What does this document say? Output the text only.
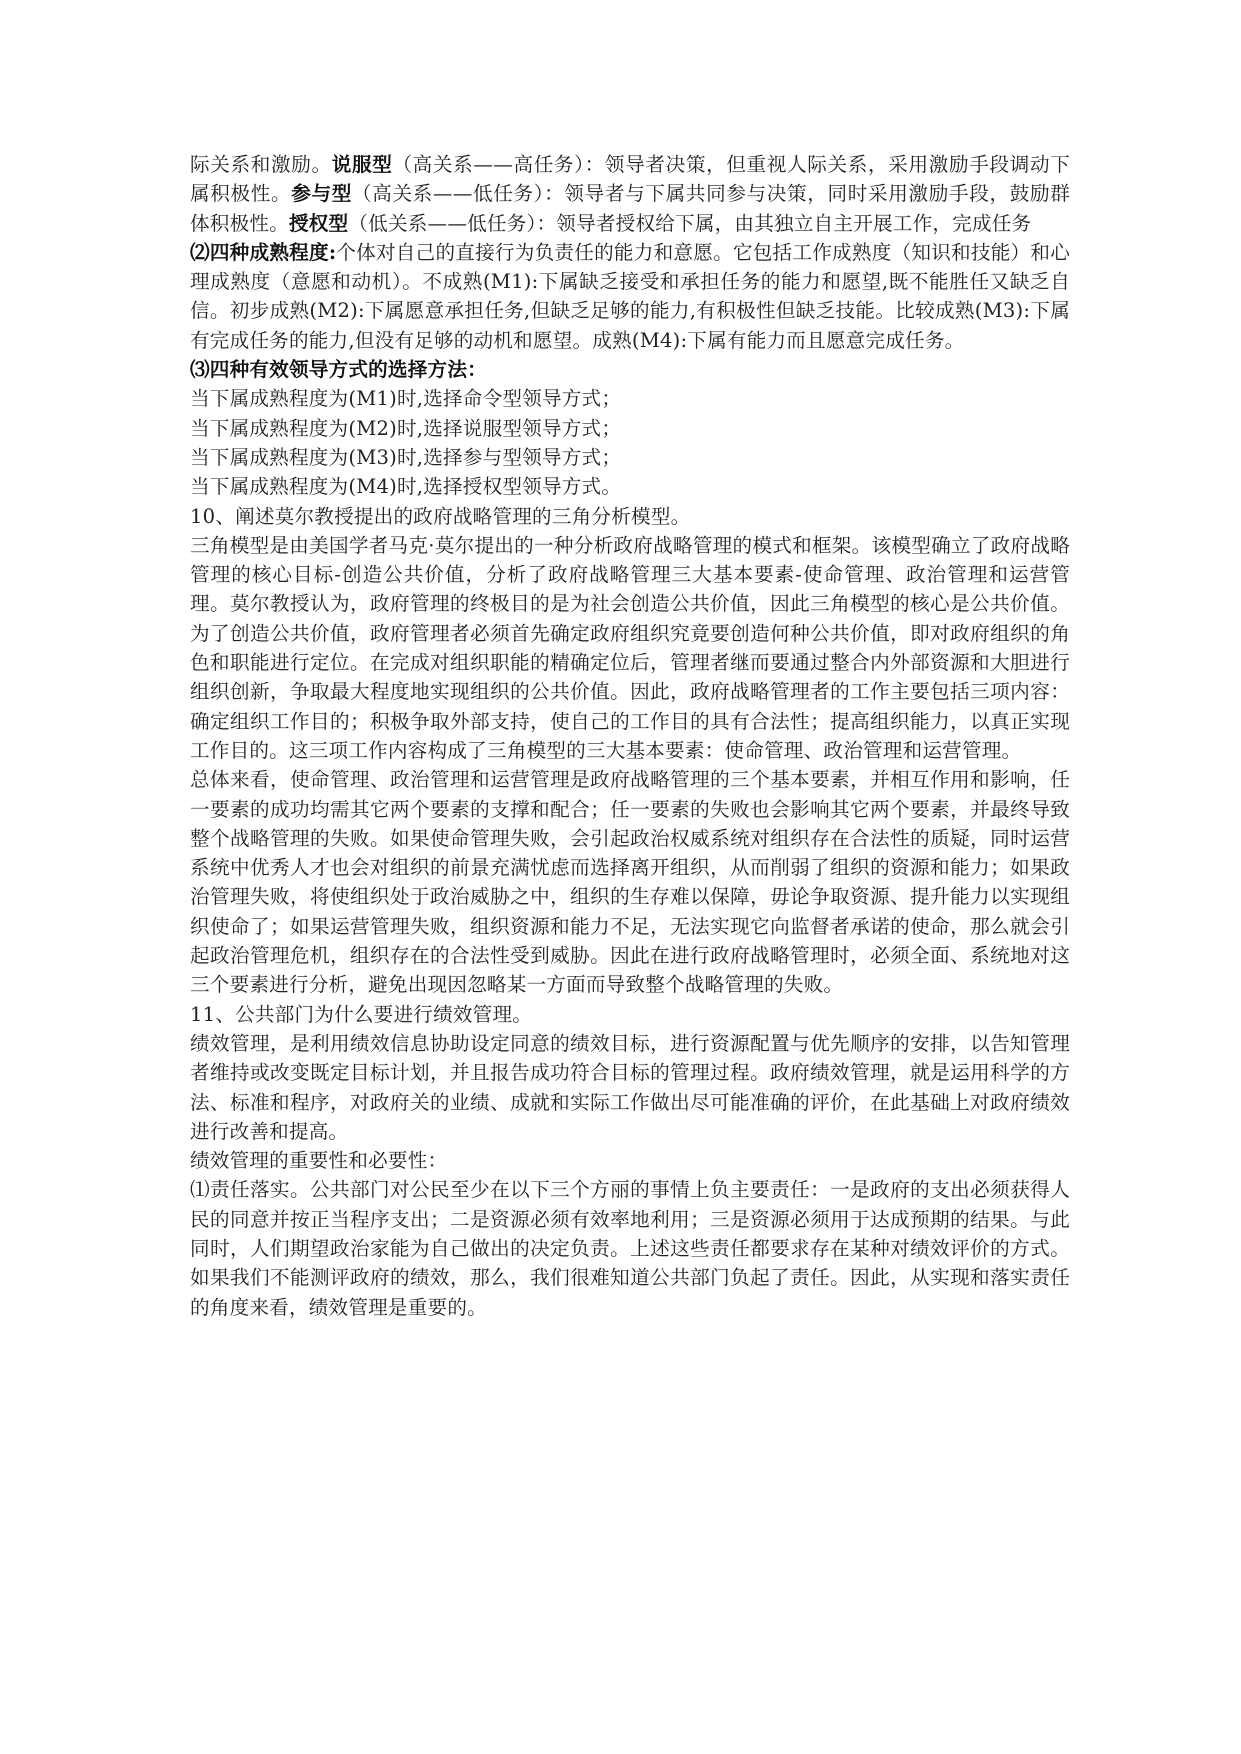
际关系和激励。说服型（高关系——高任务）：领导者决策，但重视人际关系，采用激励手段调动下属积极性。参与型（高关系——低任务）：领导者与下属共同参与决策，同时采用激励手段，鼓励群体积极性。授权型（低关系——低任务）：领导者授权给下属，由其独立自主开展工作，完成任务

⑵四种成熟程度:个体对自己的直接行为负责任的能力和意愿。它包括工作成熟度（知识和技能）和心理成熟度（意愿和动机）。不成熟(M1):下属缺乏接受和承担任务的能力和愿望,既不能胜任又缺乏自信。初步成熟(M2):下属愿意承担任务,但缺乏足够的能力,有积极性但缺乏技能。比较成熟(M3):下属有完成任务的能力,但没有足够的动机和愿望。成熟(M4):下属有能力而且愿意完成任务。

⑶四种有效领导方式的选择方法：

当下属成熟程度为(M1)时,选择命令型领导方式；

当下属成熟程度为(M2)时,选择说服型领导方式；

当下属成熟程度为(M3)时,选择参与型领导方式；

当下属成熟程度为(M4)时,选择授权型领导方式。

10、阐述莫尔教授提出的政府战略管理的三角分析模型。

三角模型是由美国学者马克·莫尔提出的一种分析政府战略管理的模式和框架。该模型确立了政府战略管理的核心目标-创造公共价值，分析了政府战略管理三大基本要素-使命管理、政治管理和运营管理。莫尔教授认为，政府管理的终极目的是为社会创造公共价值，因此三角模型的核心是公共价值。为了创造公共价值，政府管理者必须首先确定政府组织究竟要创造何种公共价值，即对政府组织的角色和职能进行定位。在完成对组织职能的精确定位后，管理者继而要通过整合内外部资源和大胆进行组织创新，争取最大程度地实现组织的公共价值。因此，政府战略管理者的工作主要包括三项内容：确定组织工作目的；积极争取外部支持，使自己的工作目的具有合法性；提高组织能力，以真正实现工作目的。这三项工作内容构成了三角模型的三大基本要素：使命管理、政治管理和运营管理。

总体来看，使命管理、政治管理和运营管理是政府战略管理的三个基本要素，并相互作用和影响，任一要素的成功均需其它两个要素的支撑和配合；任一要素的失败也会影响其它两个要素，并最终导致整个战略管理的失败。如果使命管理失败，会引起政治权威系统对组织存在合法性的质疑，同时运营系统中优秀人才也会对组织的前景充满忧虑而选择离开组织，从而削弱了组织的资源和能力；如果政治管理失败，将使组织处于政治威胁之中，组织的生存难以保障，毋论争取资源、提升能力以实现组织使命了；如果运营管理失败，组织资源和能力不足，无法实现它向监督者承诺的使命，那么就会引起政治管理危机，组织存在的合法性受到威胁。因此在进行政府战略管理时，必须全面、系统地对这三个要素进行分析，避免出现因忽略某一方面而导致整个战略管理的失败。

11、公共部门为什么要进行绩效管理。

绩效管理，是利用绩效信息协助设定同意的绩效目标，进行资源配置与优先顺序的安排，以告知管理者维持或改变既定目标计划，并且报告成功符合目标的管理过程。政府绩效管理，就是运用科学的方法、标准和程序，对政府关的业绩、成就和实际工作做出尽可能准确的评价，在此基础上对政府绩效进行改善和提高。

绩效管理的重要性和必要性：

⑴责任落实。公共部门对公民至少在以下三个方丽的事情上负主要责任：一是政府的支出必须获得人民的同意并按正当程序支出；二是资源必须有效率地利用；三是资源必须用于达成预期的结果。与此同时，人们期望政治家能为自己做出的决定负责。上述这些责任都要求存在某种对绩效评价的方式。如果我们不能测评政府的绩效，那么，我们很难知道公共部门负起了责任。因此，从实现和落实责任的角度来看，绩效管理是重要的。
